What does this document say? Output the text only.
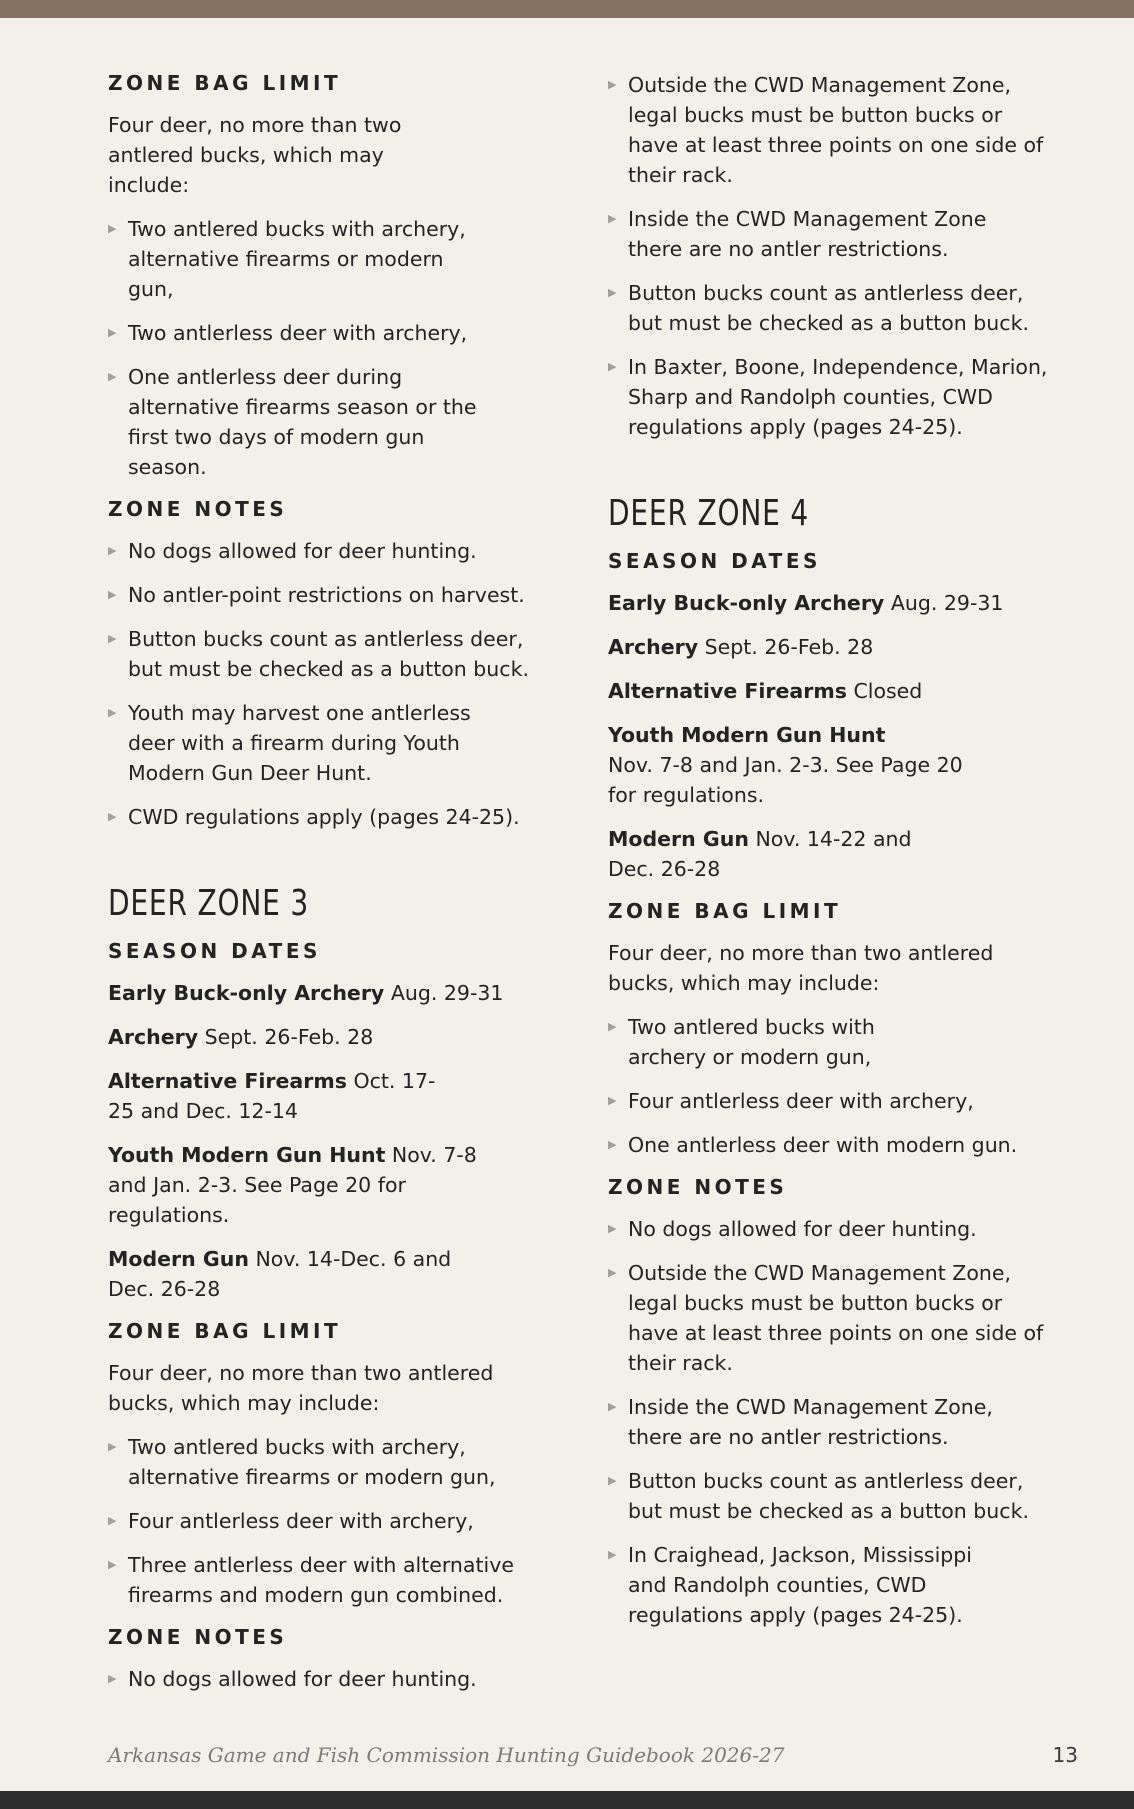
ZONE BAG LIMIT
Four deer, no more than two antlered bucks, which may include:
▶ Two antlered bucks with archery, alternative firearms or modern gun,
▶ Two antlerless deer with archery,
▶ One antlerless deer during alternative firearms season or the first two days of modern gun season.
ZONE NOTES
▶ No dogs allowed for deer hunting.
▶ No antler-point restrictions on harvest.
▶ Button bucks count as antlerless deer, but must be checked as a button buck.
▶ Youth may harvest one antlerless deer with a firearm during Youth Modern Gun Deer Hunt.
▶ CWD regulations apply (pages 24-25).
DEER ZONE 3
SEASON DATES
Early Buck-only Archery Aug. 29-31
Archery Sept. 26-Feb. 28
Alternative Firearms Oct. 17-25 and Dec. 12-14
Youth Modern Gun Hunt Nov. 7-8 and Jan. 2-3. See Page 20 for regulations.
Modern Gun Nov. 14-Dec. 6 and Dec. 26-28
ZONE BAG LIMIT
Four deer, no more than two antlered bucks, which may include:
▶ Two antlered bucks with archery, alternative firearms or modern gun,
▶ Four antlerless deer with archery,
▶ Three antlerless deer with alternative firearms and modern gun combined.
ZONE NOTES
▶ No dogs allowed for deer hunting.
▶ Outside the CWD Management Zone, legal bucks must be button bucks or have at least three points on one side of their rack.
▶ Inside the CWD Management Zone there are no antler restrictions.
▶ Button bucks count as antlerless deer, but must be checked as a button buck.
▶ In Baxter, Boone, Independence, Marion, Sharp and Randolph counties, CWD regulations apply (pages 24-25).
DEER ZONE 4
SEASON DATES
Early Buck-only Archery Aug. 29-31
Archery Sept. 26-Feb. 28
Alternative Firearms Closed
Youth Modern Gun Hunt
Nov. 7-8 and Jan. 2-3. See Page 20 for regulations.
Modern Gun Nov. 14-22 and Dec. 26-28
ZONE BAG LIMIT
Four deer, no more than two antlered bucks, which may include:
▶ Two antlered bucks with archery or modern gun,
▶ Four antlerless deer with archery,
▶ One antlerless deer with modern gun.
ZONE NOTES
▶ No dogs allowed for deer hunting.
▶ Outside the CWD Management Zone, legal bucks must be button bucks or have at least three points on one side of their rack.
▶ Inside the CWD Management Zone, there are no antler restrictions.
▶ Button bucks count as antlerless deer, but must be checked as a button buck.
▶ In Craighead, Jackson, Mississippi and Randolph counties, CWD regulations apply (pages 24-25).
Arkansas Game and Fish Commission Hunting Guidebook 2026-27	13
